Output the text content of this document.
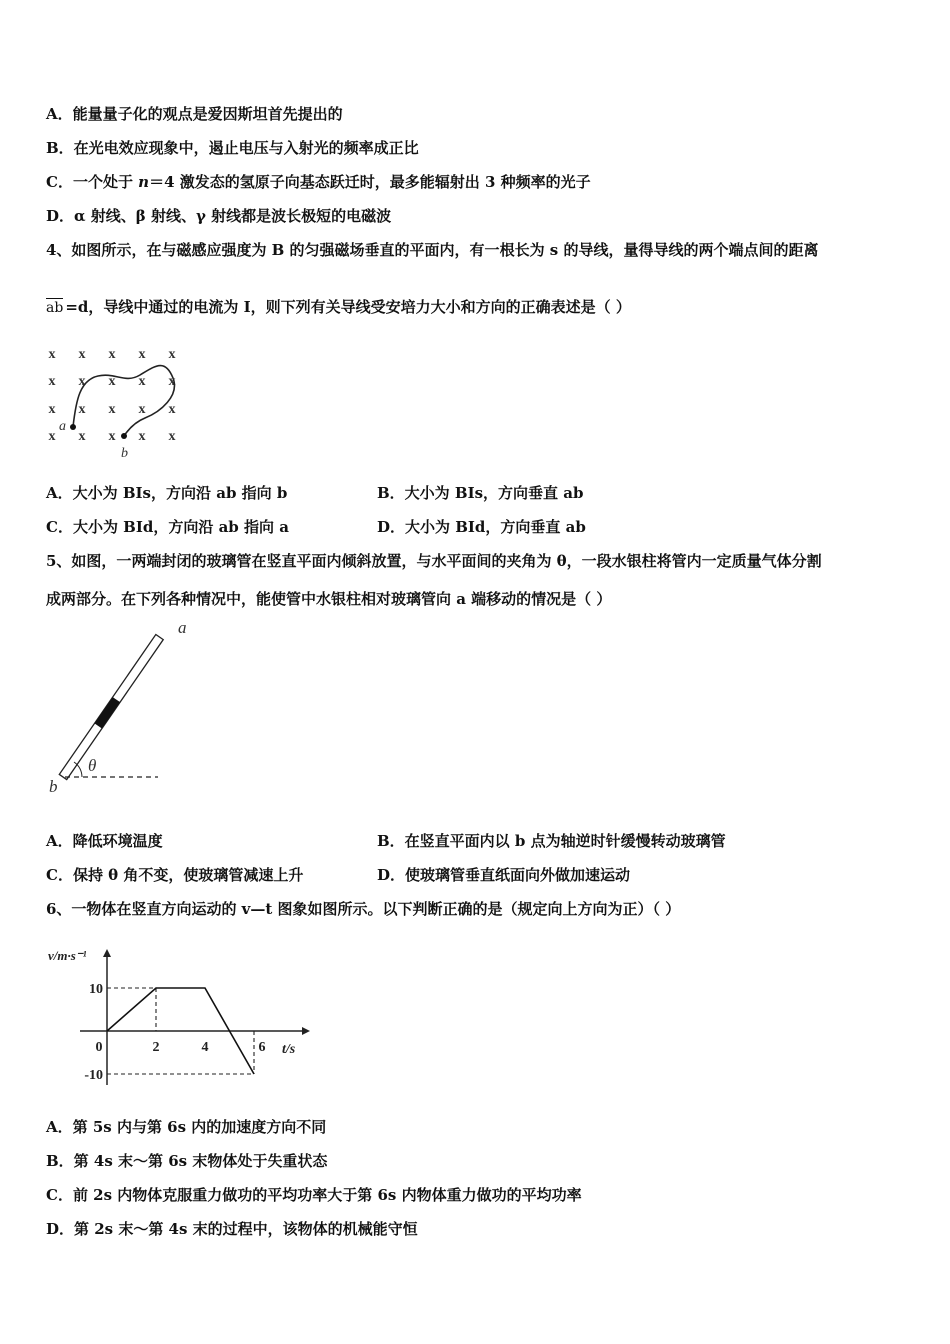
A．能量量子化的观点是爱因斯坦首先提出的
B．在光电效应现象中，遏止电压与入射光的频率成正比
C．一个处于 n＝4 激发态的氢原子向基态跃迁时，最多能辐射出 3 种频率的光子
D．α 射线、β 射线、γ 射线都是波长极短的电磁波
4、如图所示，在与磁感应强度为 B 的匀强磁场垂直的平面内，有一根长为 s 的导线，量得导线的两个端点间的距离
ab =d，导线中通过的电流为 I，则下列有关导线受安培力大小和方向的正确表述是（ ）
x x x x x
x x x x x
x x x x x
x x x x x
a
b
A．大小为 BIs，方向沿 ab 指向 b	B．大小为 BIs，方向垂直 ab
C．大小为 BId，方向沿 ab 指向 a	D．大小为 BId，方向垂直 ab
5、如图，一两端封闭的玻璃管在竖直平面内倾斜放置，与水平面间的夹角为 θ，一段水银柱将管内一定质量气体分割
成两部分。在下列各种情况中，能使管中水银柱相对玻璃管向 a 端移动的情况是（ ）
θ
a
b
A．降低环境温度	B．在竖直平面内以 b 点为轴逆时针缓慢转动玻璃管
C．保持 θ 角不变，使玻璃管减速上升	D．使玻璃管垂直纸面向外做加速运动
6、一物体在竖直方向运动的 v—t 图象如图所示。以下判断正确的是（规定向上方向为正）（ ）
v/m·s⁻¹
t/s
0	2	4	6
10
-10
A．第 5s 内与第 6s 内的加速度方向不同
B．第 4s 末～第 6s 末物体处于失重状态
C．前 2s 内物体克服重力做功的平均功率大于第 6s 内物体重力做功的平均功率
D．第 2s 末～第 4s 末的过程中，该物体的机械能守恒
